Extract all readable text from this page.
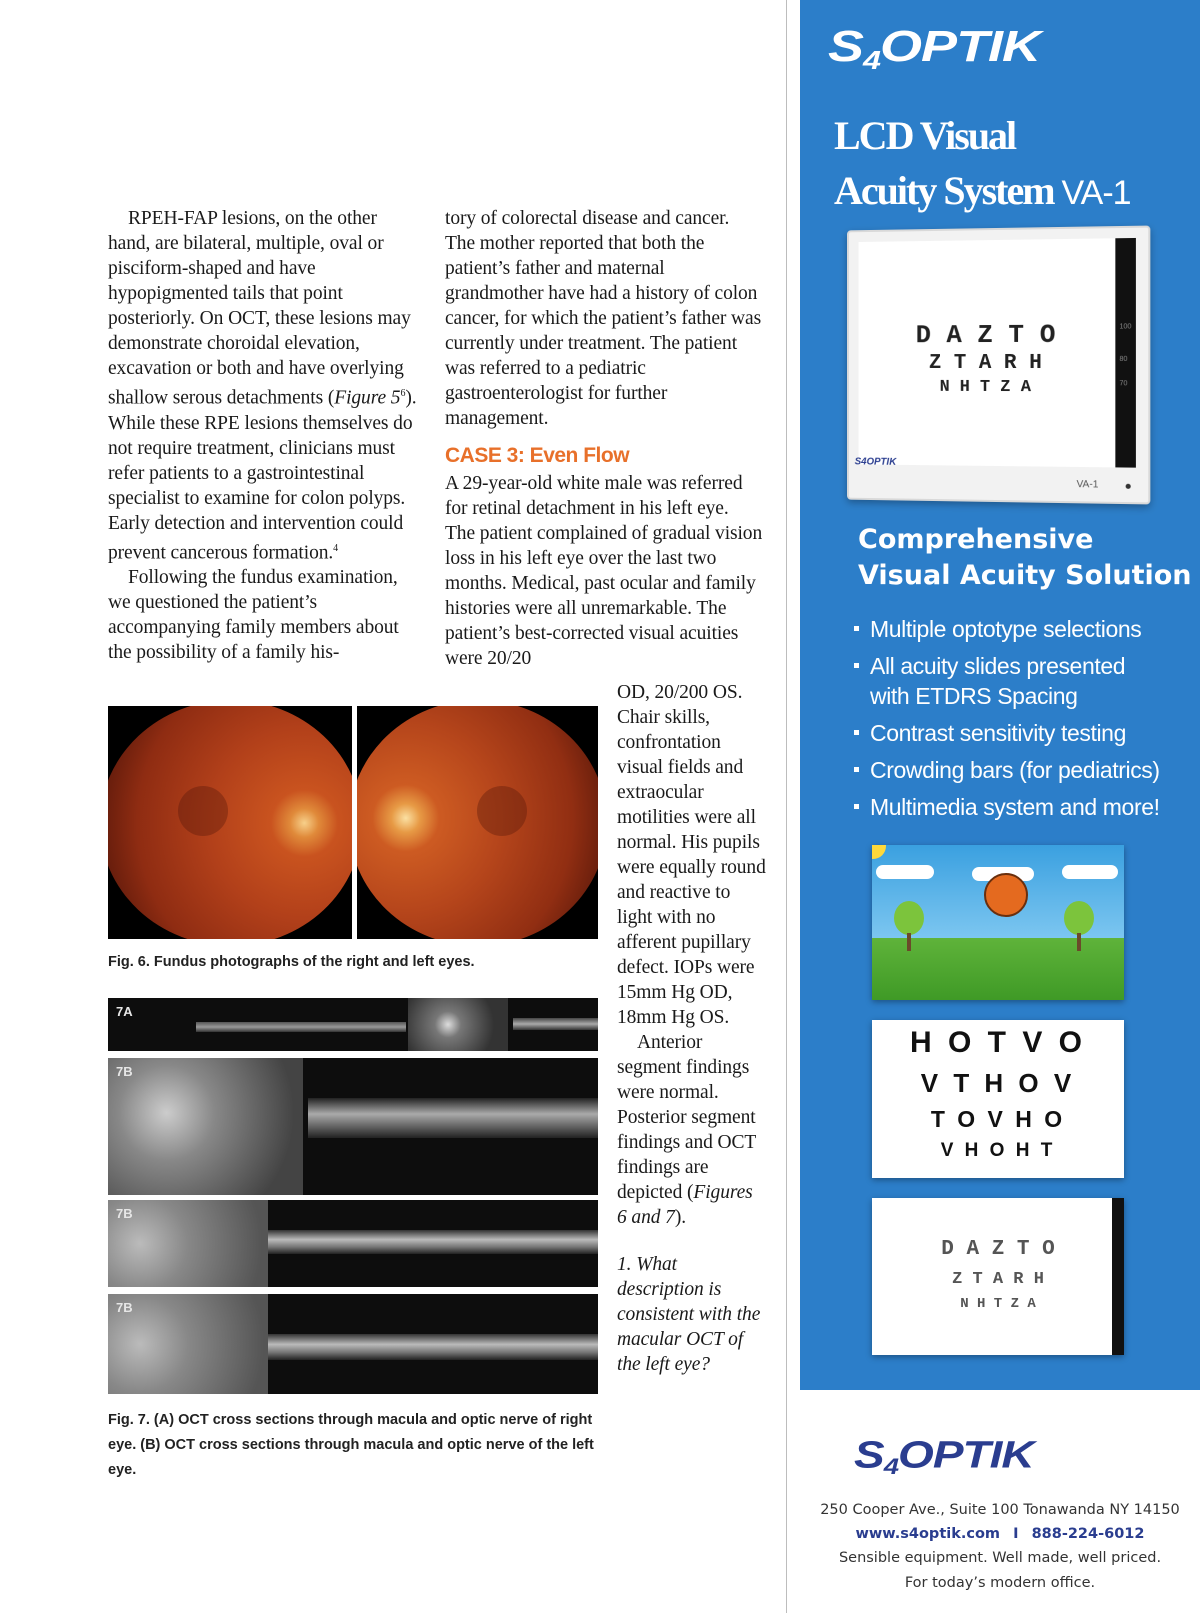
RPEH-FAP lesions, on the other hand, are bilateral, multiple, oval or pisciform-shaped and have hypopigmented tails that point posteriorly. On OCT, these lesions may demonstrate choroidal elevation, excavation or both and have overlying shallow serous detachments (Figure $5^6$). While these RPE lesions themselves do not require treatment, clinicians must refer patients to a gastrointestinal specialist to examine for colon polyps. Early detection and intervention could prevent cancerous formation.$^4$

Following the fundus examination, we questioned the patient’s accompanying family members about the possibility of a family his-

tory of colorectal disease and cancer. The mother reported that both the patient’s father and maternal grandmother have had a history of colon cancer, for which the patient’s father was currently under treatment. The patient was referred to a pediatric gastroenterologist for further management.

CASE 3: Even Flow

A 29-year-old white male was referred for retinal detachment in his left eye. The patient complained of gradual vision loss in his left eye over the last two months. Medical, past ocular and family histories were all unremarkable. The patient’s best-corrected visual acuities were 20/20

OD, 20/200 OS. Chair skills, confrontation visual fields and extraocular motilities were all normal. His pupils were equally round and reactive to light with no afferent pupillary defect. IOPs were 15mm Hg OD, 18mm Hg OS.

Anterior segment findings were normal. Posterior segment findings and OCT findings are depicted (Figures 6 and 7).

1. What description is consistent with the macular OCT of the left eye?

Fig. 6. Fundus photographs of the right and left eyes.
7A
7B
7B
7B
Fig. 7. (A) OCT cross sections through macula and optic nerve of right eye. (B) OCT cross sections through macula and optic nerve of the left eye.
$S_4OPTIK$
LCD Visual
Acuity System VA-1
D A Z T O
Z T A R H
N H T Z A
100
80
70
S4OPTIK
VA-1
Comprehensive
Visual Acuity Solution
Multiple optotype selections
All acuity slides presented with ETDRS Spacing
Contrast sensitivity testing
Crowding bars (for pediatrics)
Multimedia system and more!
H O T V O
V T H O V
T O V H O
V H O H T
D A Z T O
Z T A R H
N H T Z A
$S_4OPTIK$
250 Cooper Ave., Suite 100 Tonawanda NY 14150
www.s4optik.com I 888-224-6012
Sensible equipment. Well made, well priced.
For today’s modern office.
